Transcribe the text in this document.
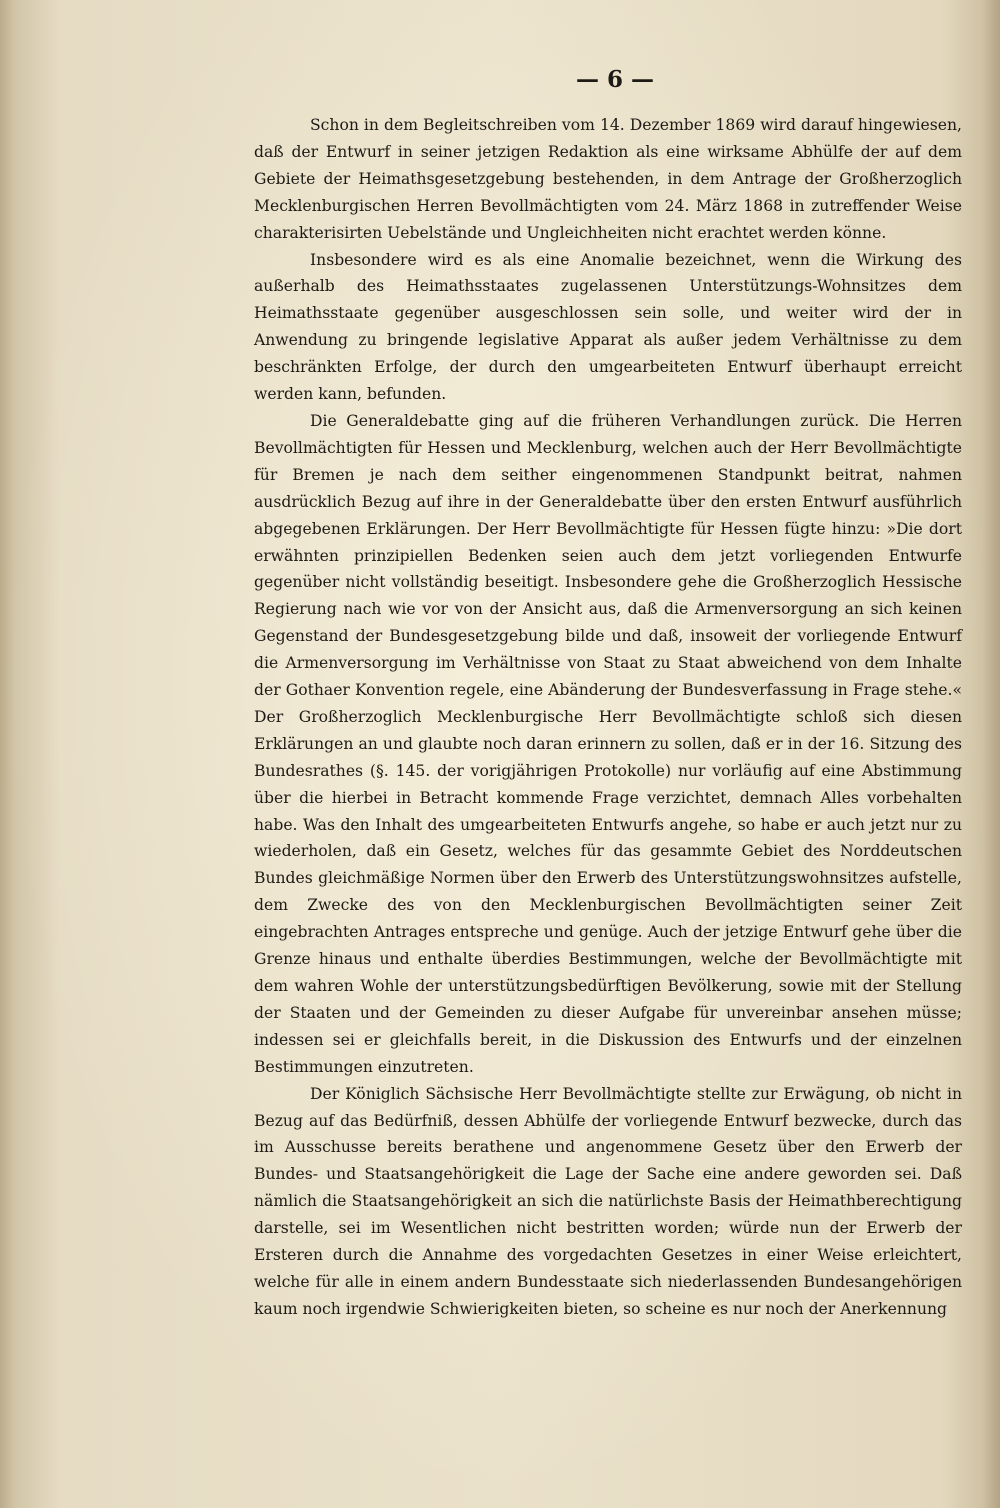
— 6 —

Schon in dem Begleitschreiben vom 14. Dezember 1869 wird darauf hingewiesen, daß der Entwurf in seiner jetzigen Redaktion als eine wirksame Abhülfe der auf dem Gebiete der Heimathsgesetzgebung bestehenden, in dem Antrage der Großherzoglich Mecklenburgischen Herren Bevollmächtigten vom 24. März 1868 in zutreffender Weise charakterisirten Uebelstände und Ungleichheiten nicht erachtet werden könne.

Insbesondere wird es als eine Anomalie bezeichnet, wenn die Wirkung des außerhalb des Heimathsstaates zugelassenen Unterstützungs-Wohnsitzes dem Heimathsstaate gegenüber ausgeschlossen sein solle, und weiter wird der in Anwendung zu bringende legislative Apparat als außer jedem Verhältnisse zu dem beschränkten Erfolge, der durch den umgearbeiteten Entwurf überhaupt erreicht werden kann, befunden.

Die Generaldebatte ging auf die früheren Verhandlungen zurück. Die Herren Bevollmächtigten für Hessen und Mecklenburg, welchen auch der Herr Bevollmächtigte für Bremen je nach dem seither eingenommenen Standpunkt beitrat, nahmen ausdrücklich Bezug auf ihre in der Generaldebatte über den ersten Entwurf ausführlich abgegebenen Erklärungen. Der Herr Bevollmächtigte für Hessen fügte hinzu: »Die dort erwähnten prinzipiellen Bedenken seien auch dem jetzt vorliegenden Entwurfe gegenüber nicht vollständig beseitigt. Insbesondere gehe die Großherzoglich Hessische Regierung nach wie vor von der Ansicht aus, daß die Armenversorgung an sich keinen Gegenstand der Bundesgesetzgebung bilde und daß, insoweit der vorliegende Entwurf die Armenversorgung im Verhältnisse von Staat zu Staat abweichend von dem Inhalte der Gothaer Konvention regele, eine Abänderung der Bundesverfassung in Frage stehe.« Der Großherzoglich Mecklenburgische Herr Bevollmächtigte schloß sich diesen Erklärungen an und glaubte noch daran erinnern zu sollen, daß er in der 16. Sitzung des Bundesrathes (§. 145. der vorigjährigen Protokolle) nur vorläufig auf eine Abstimmung über die hierbei in Betracht kommende Frage verzichtet, demnach Alles vorbehalten habe. Was den Inhalt des umgearbeiteten Entwurfs angehe, so habe er auch jetzt nur zu wiederholen, daß ein Gesetz, welches für das gesammte Gebiet des Norddeutschen Bundes gleichmäßige Normen über den Erwerb des Unterstützungswohnsitzes aufstelle, dem Zwecke des von den Mecklenburgischen Bevollmächtigten seiner Zeit eingebrachten Antrages entspreche und genüge. Auch der jetzige Entwurf gehe über die Grenze hinaus und enthalte überdies Bestimmungen, welche der Bevollmächtigte mit dem wahren Wohle der unterstützungsbedürftigen Bevölkerung, sowie mit der Stellung der Staaten und der Gemeinden zu dieser Aufgabe für unvereinbar ansehen müsse; indessen sei er gleichfalls bereit, in die Diskussion des Entwurfs und der einzelnen Bestimmungen einzutreten.

Der Königlich Sächsische Herr Bevollmächtigte stellte zur Erwägung, ob nicht in Bezug auf das Bedürfniß, dessen Abhülfe der vorliegende Entwurf bezwecke, durch das im Ausschusse bereits berathene und angenommene Gesetz über den Erwerb der Bundes- und Staatsangehörigkeit die Lage der Sache eine andere geworden sei. Daß nämlich die Staatsangehörigkeit an sich die natürlichste Basis der Heimathberechtigung darstelle, sei im Wesentlichen nicht bestritten worden; würde nun der Erwerb der Ersteren durch die Annahme des vorgedachten Gesetzes in einer Weise erleichtert, welche für alle in einem andern Bundesstaate sich niederlassenden Bundesangehörigen kaum noch irgendwie Schwierigkeiten bieten, so scheine es nur noch der Anerkennung
